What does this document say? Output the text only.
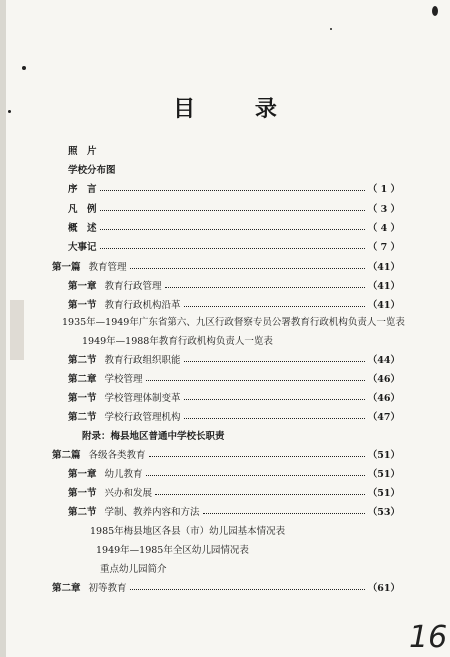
目 录
照　片
学校分布图
序　言	（ 1 ）
凡　例	（ 3 ）
概　述	（ 4 ）
大事记	（ 7 ）
第一篇 教育管理	（41）
第一章 教育行政管理	（41）
第一节 教育行政机构沿革	（41）
1935年—1949年广东省第六、九区行政督察专员公署教育行政机构负责人一览表
1949年—1988年教育行政机构负责人一览表
第二节 教育行政组织职能	（44）
第二章 学校管理	（46）
第一节 学校管理体制变革	（46）
第二节 学校行政管理机构	（47）
附录：梅县地区普通中学校长职责
第二篇 各级各类教育	（51）
第一章 幼儿教育	（51）
第一节 兴办和发展	（51）
第二节 学制、教养内容和方法	（53）
1985年梅县地区各县（市）幼儿园基本情况表
1949年—1985年全区幼儿园情况表
重点幼儿园简介
第二章 初等教育	（61）
16
